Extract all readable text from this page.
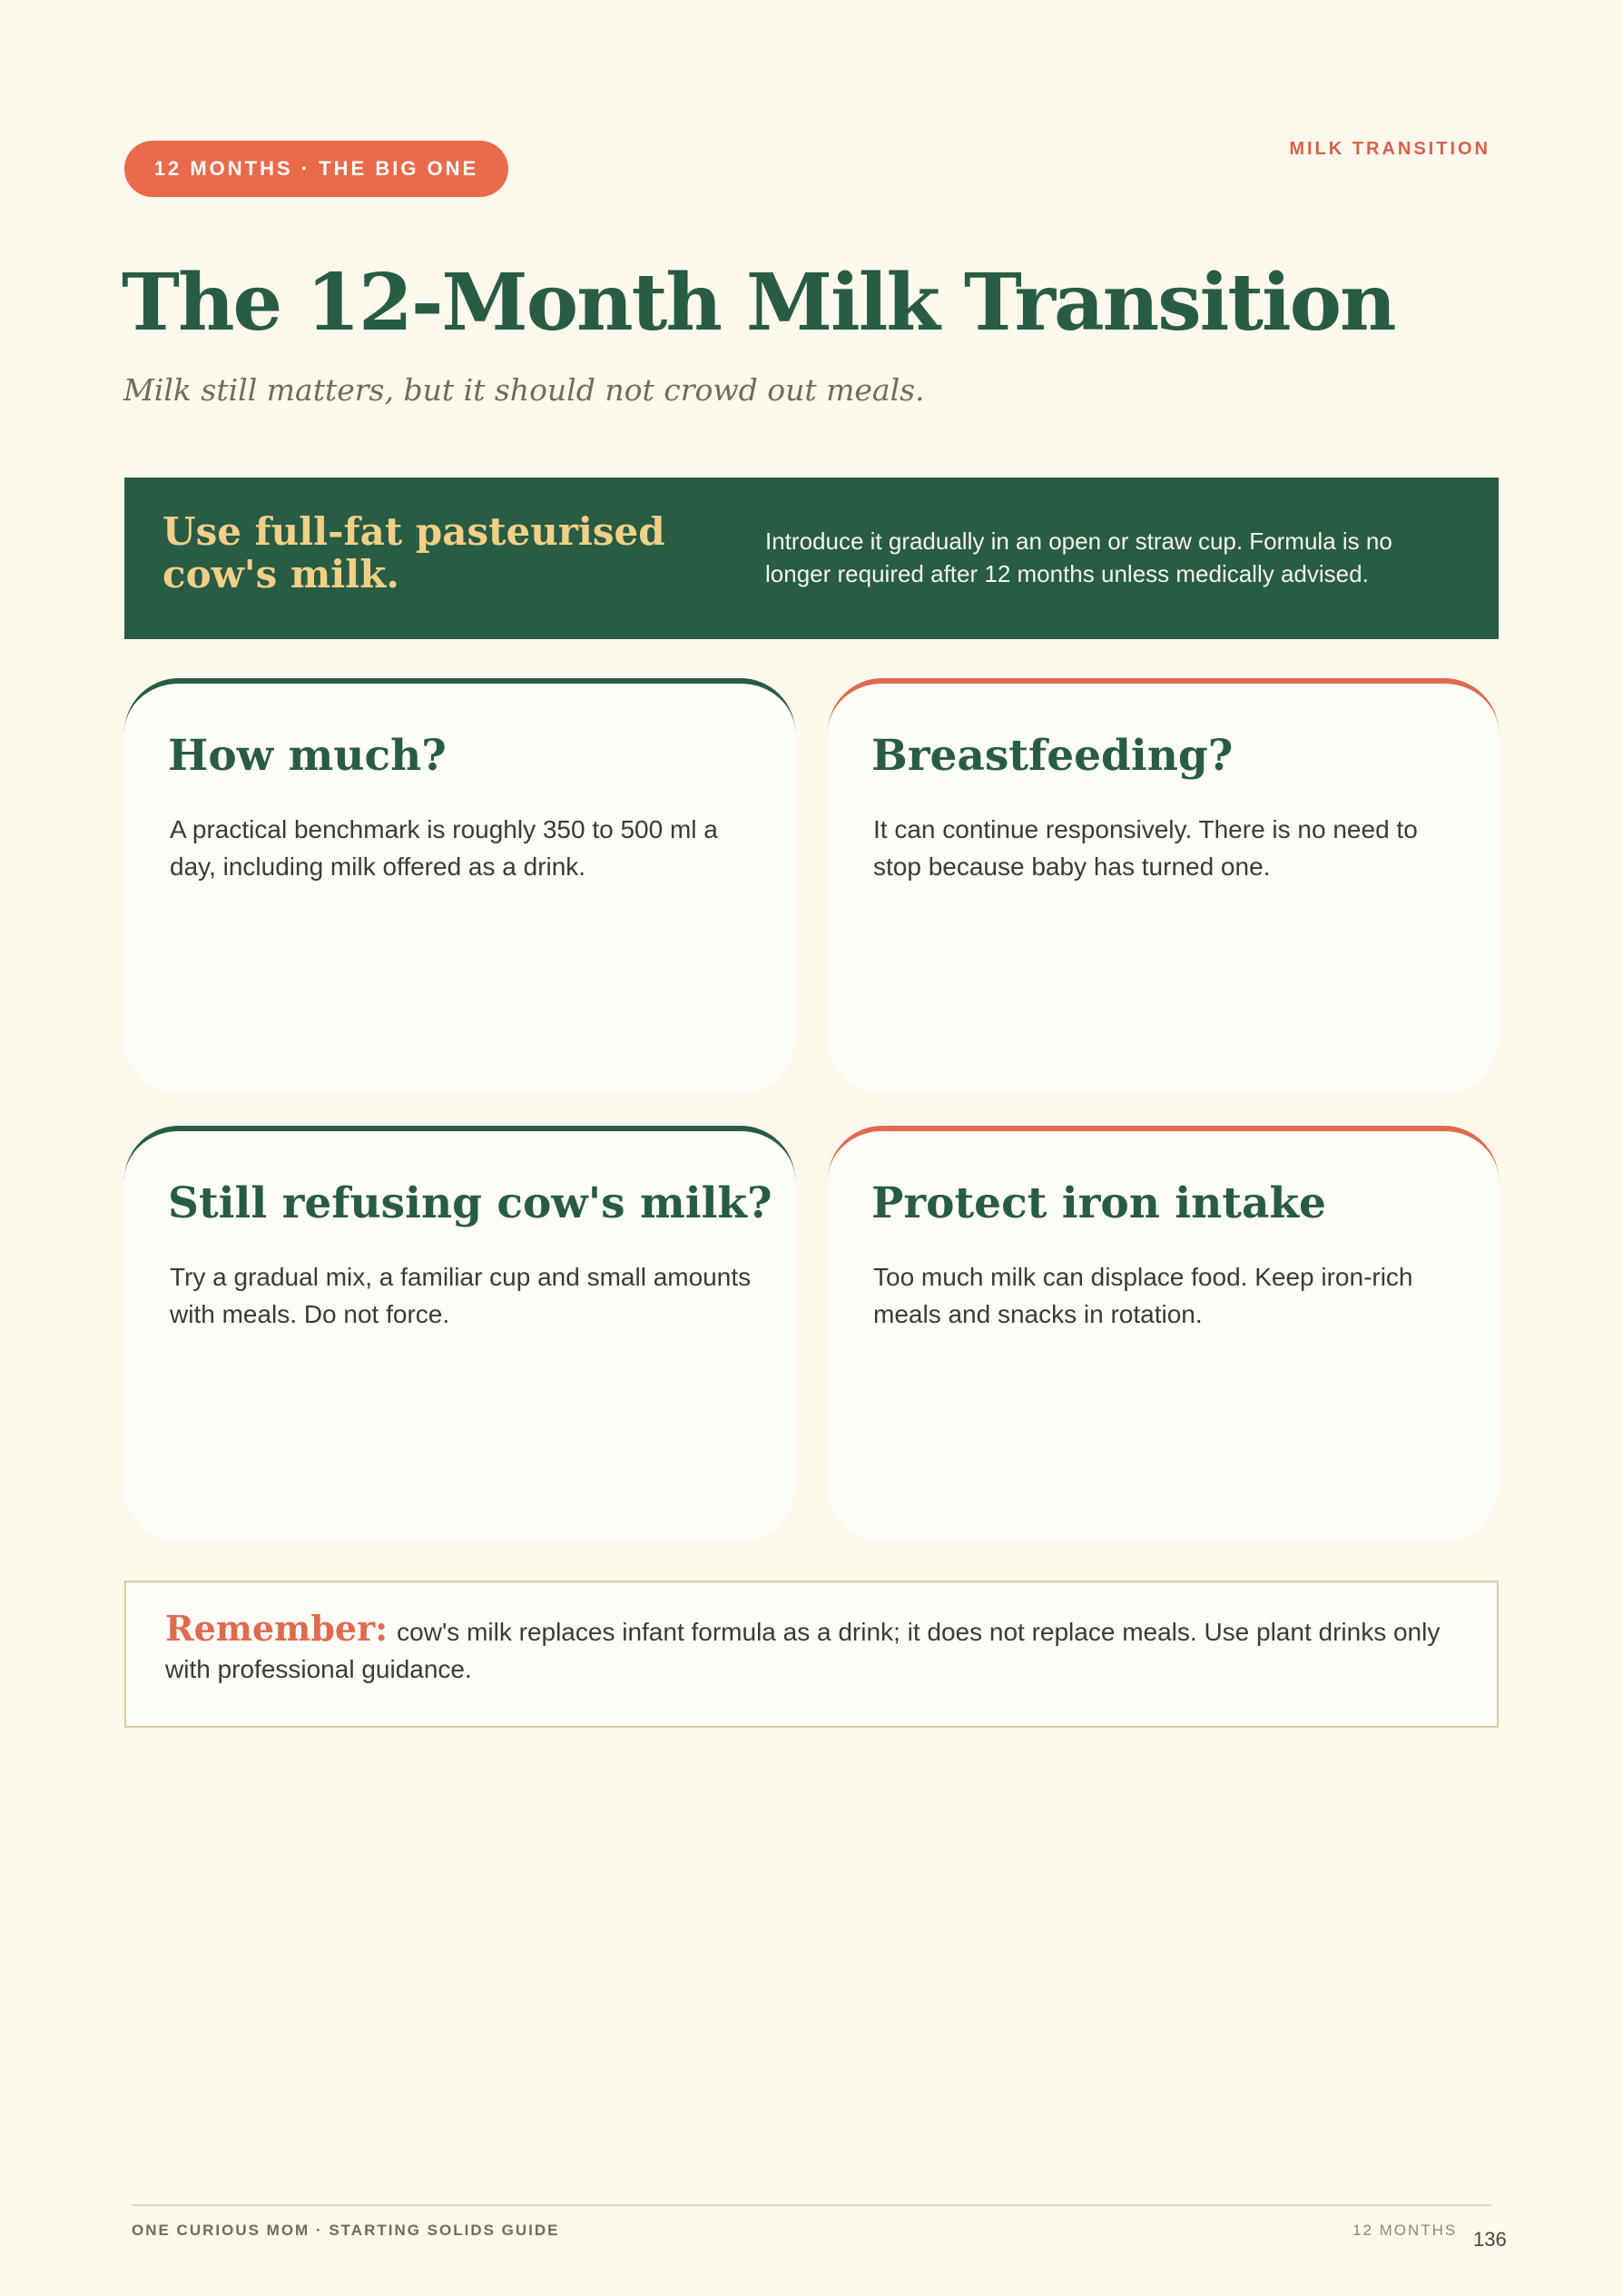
12 MONTHS · THE BIG ONE
MILK TRANSITION
The 12-Month Milk Transition

Milk still matters, but it should not crowd out meals.

Use full-fat pasteurised cow's milk.

Introduce it gradually in an open or straw cup. Formula is no longer required after 12 months unless medically advised.

How much?

A practical benchmark is roughly 350 to 500 ml a day, including milk offered as a drink.

Breastfeeding?

It can continue responsively. There is no need to stop because baby has turned one.

Still refusing cow's milk?

Try a gradual mix, a familiar cup and small amounts with meals. Do not force.

Protect iron intake

Too much milk can displace food. Keep iron-rich meals and snacks in rotation.

Remember: cow's milk replaces infant formula as a drink; it does not replace meals. Use plant drinks only with professional guidance.

ONE CURIOUS MOM · STARTING SOLIDS GUIDE	12 MONTHS 136
